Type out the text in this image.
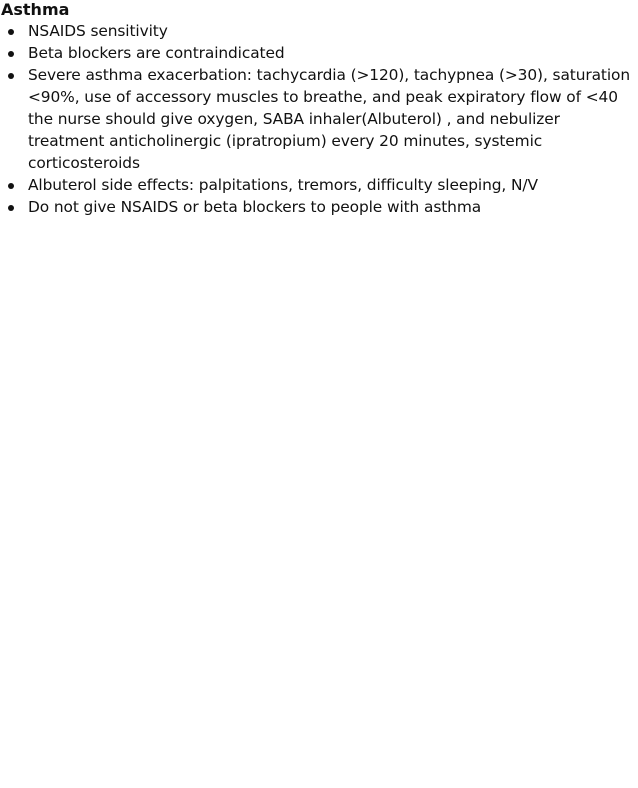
Asthma
NSAIDS sensitivity
Beta blockers are contraindicated
Severe asthma exacerbation: tachycardia (>120), tachypnea (>30), saturation <90%, use of accessory muscles to breathe, and peak expiratory flow of <40 the nurse should give oxygen, SABA inhaler(Albuterol) , and nebulizer treatment anticholinergic (ipratropium) every 20 minutes, systemic corticosteroids
Albuterol side effects: palpitations, tremors, difficulty sleeping, N/V
Do not give NSAIDS or beta blockers to people with asthma
